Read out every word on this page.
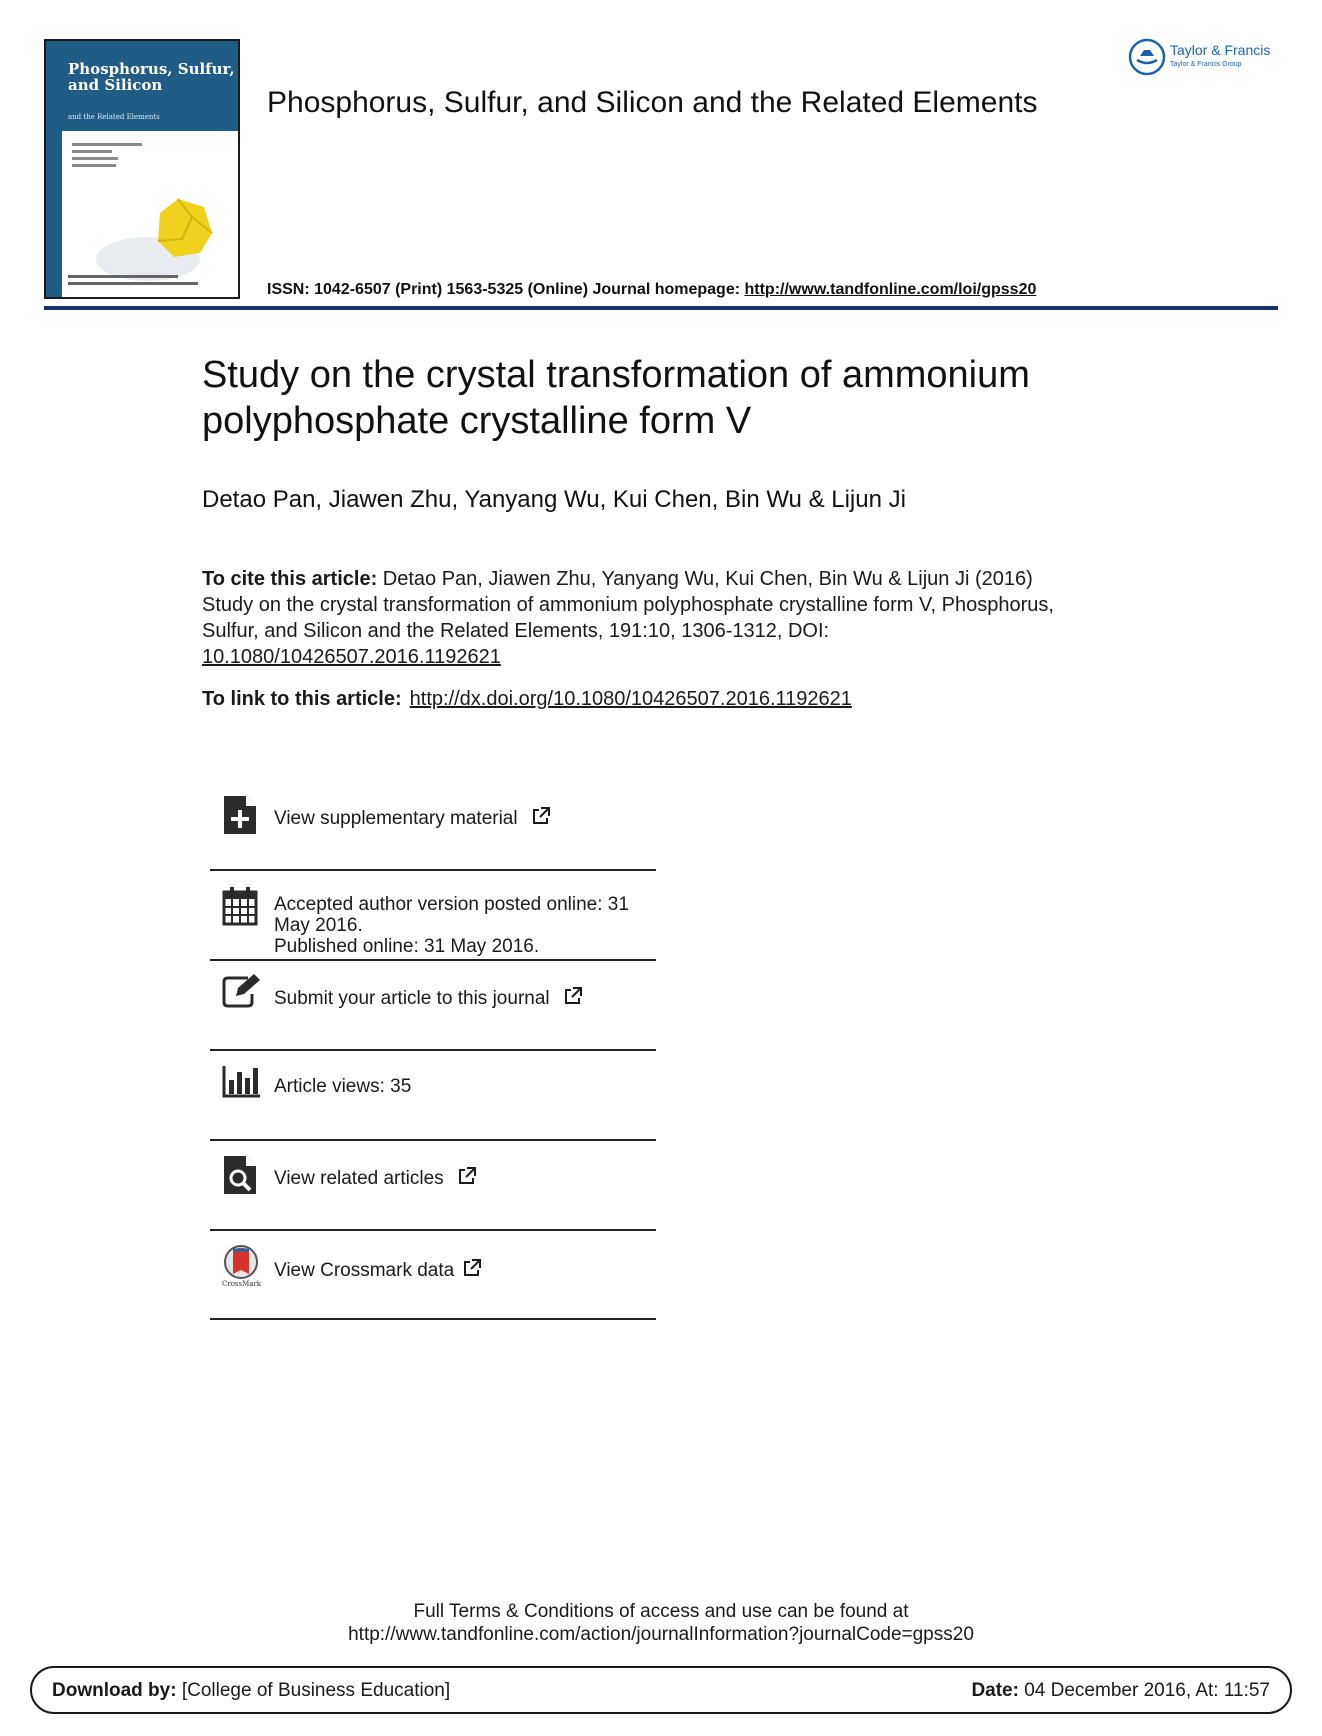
Phosphorus, Sulfur, and Silicon
and the Related Elements
Taylor & Francis
Taylor & Francis Group
Phosphorus, Sulfur, and Silicon and the Related Elements
ISSN: 1042-6507 (Print) 1563-5325 (Online) Journal homepage: http://www.tandfonline.com/loi/gpss20
Study on the crystal transformation of ammonium polyphosphate crystalline form V
Detao Pan, Jiawen Zhu, Yanyang Wu, Kui Chen, Bin Wu & Lijun Ji
To cite this article: Detao Pan, Jiawen Zhu, Yanyang Wu, Kui Chen, Bin Wu & Lijun Ji (2016) Study on the crystal transformation of ammonium polyphosphate crystalline form V, Phosphorus, Sulfur, and Silicon and the Related Elements, 191:10, 1306-1312, DOI: 10.1080/10426507.2016.1192621
To link to this article: http://dx.doi.org/10.1080/10426507.2016.1192621
View supplementary material
Accepted author version posted online: 31 May 2016.
Published online: 31 May 2016.
Submit your article to this journal
Article views: 35
View related articles
CrossMark
View Crossmark data
Full Terms & Conditions of access and use can be found at
http://www.tandfonline.com/action/journalInformation?journalCode=gpss20
Download by: [College of Business Education]	Date: 04 December 2016, At: 11:57
